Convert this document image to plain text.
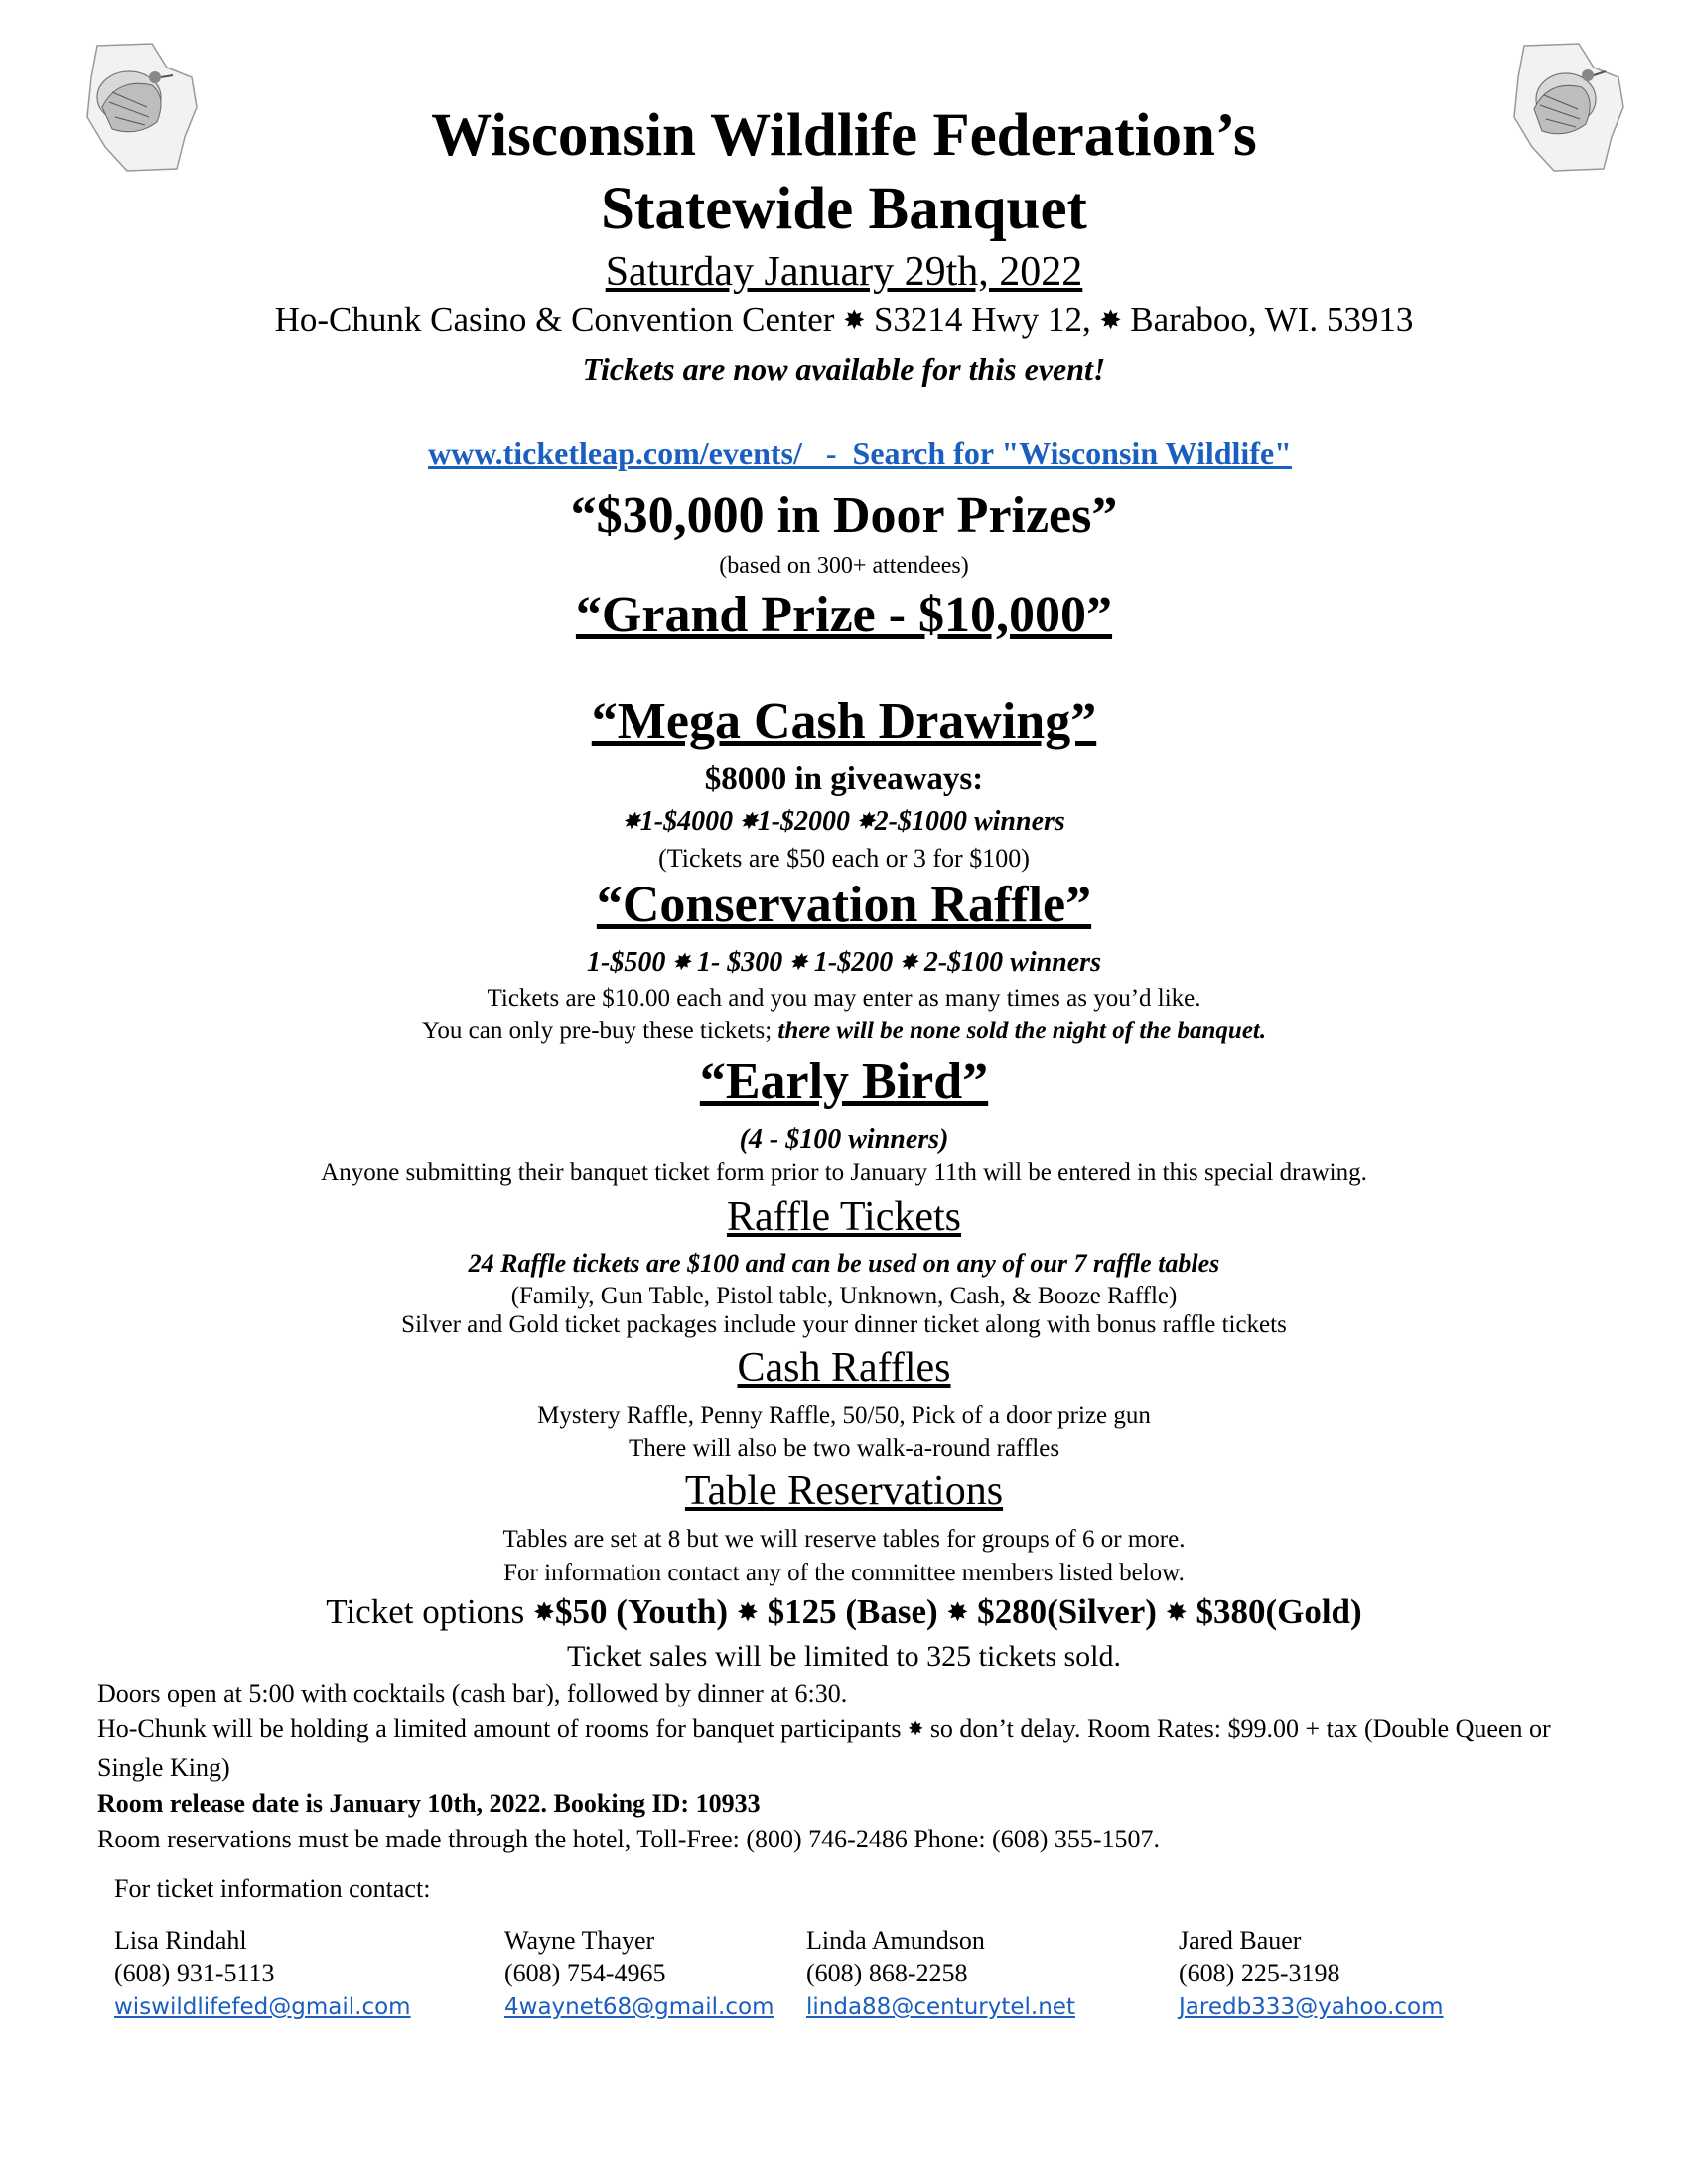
Wisconsin Wildlife Federation’s
Statewide Banquet
Saturday January 29th, 2022
Ho-Chunk Casino & Convention Center ✸ S3214 Hwy 12, ✸ Baraboo, WI. 53913
Tickets are now available for this event!

www.ticketleap.com/events/   -  Search for "Wisconsin Wildlife"

“$30,000 in Door Prizes”
(based on 300+ attendees)
“Grand Prize - $10,000”
“Mega Cash Drawing”
$8000 in giveaways:
✸1-$4000 ✸1-$2000 ✸2-$1000 winners
(Tickets are $50 each or 3 for $100)
“Conservation Raffle”
1-$500 ✸ 1- $300 ✸ 1-$200 ✸ 2-$100 winners
Tickets are $10.00 each and you may enter as many times as you’d like.
You can only pre-buy these tickets; there will be none sold the night of the banquet.
“Early Bird”
(4 - $100 winners)
Anyone submitting their banquet ticket form prior to January 11th will be entered in this special drawing.
Raffle Tickets
24 Raffle tickets are $100 and can be used on any of our 7 raffle tables
(Family, Gun Table, Pistol table, Unknown, Cash, & Booze Raffle)
Silver and Gold ticket packages include your dinner ticket along with bonus raffle tickets
Cash Raffles
Mystery Raffle, Penny Raffle, 50/50, Pick of a door prize gun
There will also be two walk-a-round raffles
Table Reservations
Tables are set at 8 but we will reserve tables for groups of 6 or more.
For information contact any of the committee members listed below.
Ticket options ✸$50 (Youth) ✸ $125 (Base) ✸ $280(Silver) ✸ $380(Gold)
Ticket sales will be limited to 325 tickets sold.
Doors open at 5:00 with cocktails (cash bar), followed by dinner at 6:30.
Ho-Chunk will be holding a limited amount of rooms for banquet participants ✸ so don’t delay. Room Rates: $99.00 + tax (Double Queen or Single King)
Room release date is January 10th, 2022. Booking ID: 10933
Room reservations must be made through the hotel, Toll-Free: (800) 746-2486 Phone: (608) 355-1507.
For ticket information contact:
Lisa Rindahl
(608) 931-5113
wiswildlifefed@gmail.com
Wayne Thayer
(608) 754-4965
4waynet68@gmail.com
Linda Amundson
(608) 868-2258
linda88@centurytel.net
Jared Bauer
(608) 225-3198
Jaredb333@yahoo.com
